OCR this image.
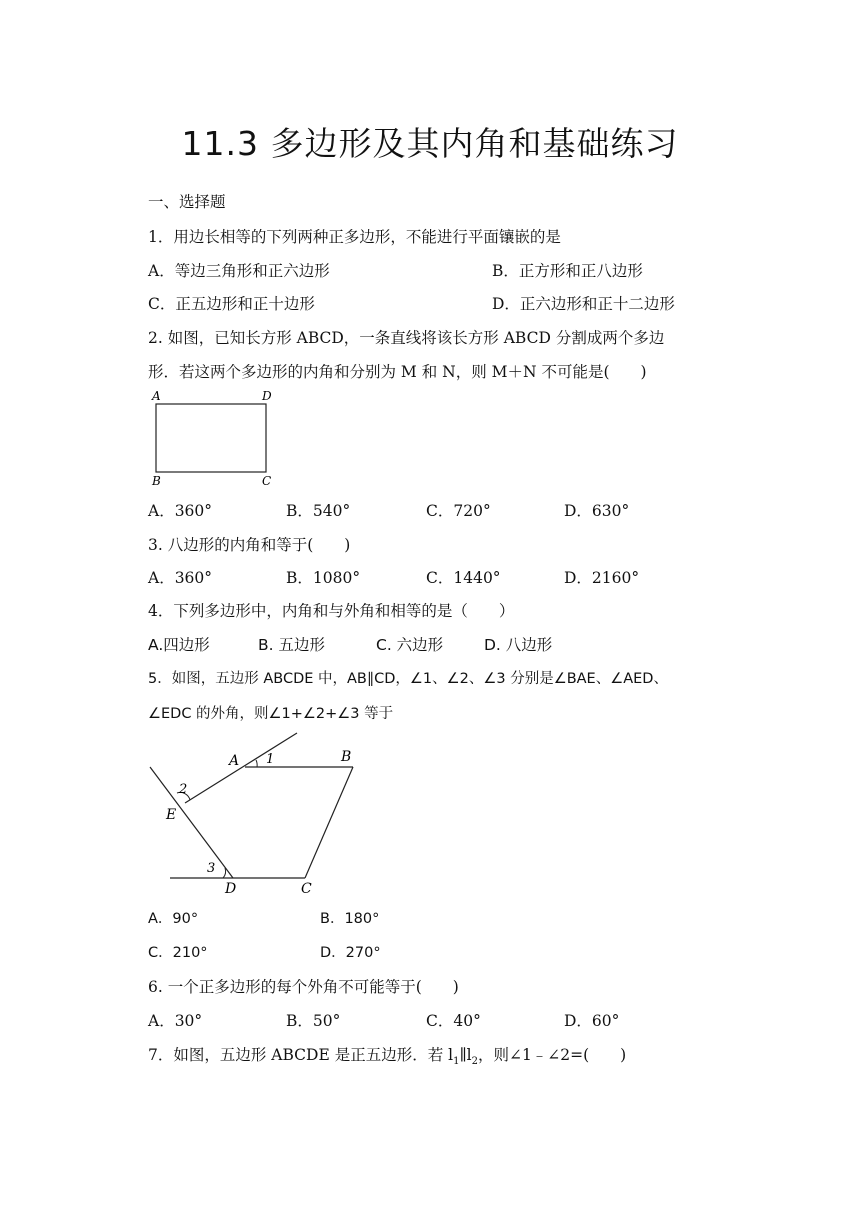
11.3 多边形及其内角和基础练习
一、选择题
1．用边长相等的下列两种正多边形，不能进行平面镶嵌的是
A．等边三角形和正六边形	B．正方形和正八边形
C．正五边形和正十边形	D．正六边形和正十二边形
2. 如图，已知长方形 ABCD，一条直线将该长方形 ABCD 分割成两个多边
形．若这两个多边形的内角和分别为 M 和 N，则 M＋N 不可能是(　　)
A	D
B	C
A．360°	B．540°	C．720°	D．630°
3. 八边形的内角和等于(　　)
A．360°	B．1080°	C．1440°	D．2160°
4．下列多边形中，内角和与外角和相等的是（　　）
A.四边形	B. 五边形	C. 六边形	D. 八边形
5．如图，五边形 ABCDE 中，AB∥CD，∠1、∠2、∠3 分别是∠BAE、∠AED、
∠EDC 的外角，则∠1+∠2+∠3 等于
A 1	B
2
E
3
D	C
A．90°	B．180°
C．210°	D．270°
6. 一个正多边形的每个外角不可能等于(　　)
A．30°	B．50°	C．40°	D．60°
7．如图，五边形 ABCDE 是正五边形．若 $l_1\parallel l_2$，则∠1﹣∠2=(　　)
